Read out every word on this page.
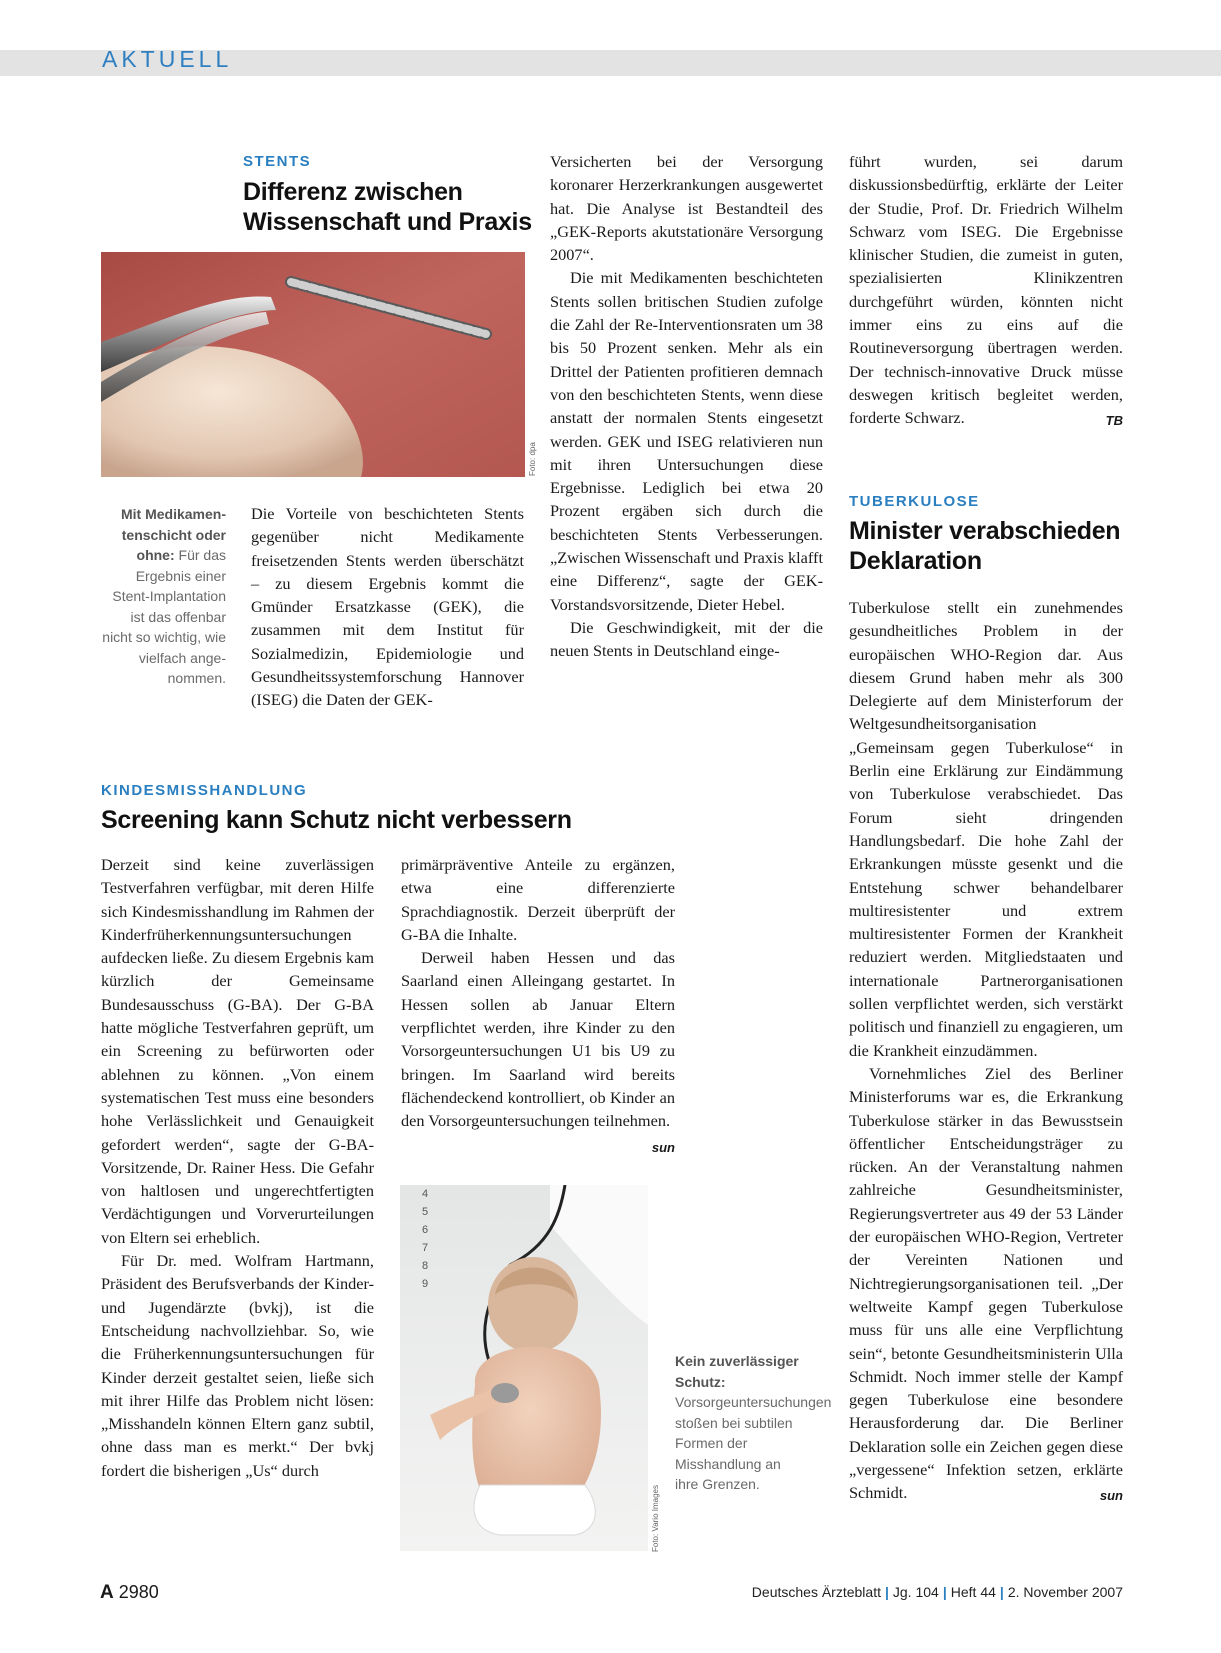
AKTUELL
STENTS
Differenz zwischen
Wissenschaft und Praxis
Foto: dpa
Mit Medikamen-tenschicht oder ohne: Für das Ergebnis einer Stent-Implantation ist das offenbar nicht so wichtig, wie vielfach ange-nommen.

Die Vorteile von beschichteten Stents gegenüber nicht Medikamente freisetzenden Stents werden überschätzt – zu diesem Ergebnis kommt die Gmünder Ersatzkasse (GEK), die zusammen mit dem Institut für Sozialmedizin, Epidemiologie und Gesundheitssystemforschung Hannover (ISEG) die Daten der GEK-

Versicherten bei der Versorgung koronarer Herzerkrankungen ausgewertet hat. Die Analyse ist Bestandteil des „GEK-Reports akutstationäre Versorgung 2007“.

Die mit Medikamenten beschichteten Stents sollen britischen Studien zufolge die Zahl der Re-Interventionsraten um 38 bis 50 Prozent senken. Mehr als ein Drittel der Patienten profitieren demnach von den beschichteten Stents, wenn diese anstatt der normalen Stents eingesetzt werden. GEK und ISEG relativieren nun mit ihren Untersuchungen diese Ergebnisse. Lediglich bei etwa 20 Prozent ergäben sich durch die beschichteten Stents Verbesserungen. „Zwischen Wissenschaft und Praxis klafft eine Differenz“, sagte der GEK-Vorstandsvorsitzende, Dieter Hebel.

Die Geschwindigkeit, mit der die neuen Stents in Deutschland einge-

führt wurden, sei darum diskussionsbedürftig, erklärte der Leiter der Studie, Prof. Dr. Friedrich Wilhelm Schwarz vom ISEG. Die Ergebnisse klinischer Studien, die zumeist in guten, spezialisierten Klinikzentren durchgeführt würden, könnten nicht immer eins zu eins auf die Routineversorgung übertragen werden. Der technisch-innovative Druck müsse deswegen kritisch begleitet werden, forderte Schwarz.	TB

TUBERKULOSE
Minister verabschieden
Deklaration

Tuberkulose stellt ein zunehmendes gesundheitliches Problem in der europäischen WHO-Region dar. Aus diesem Grund haben mehr als 300 Delegierte auf dem Ministerforum der Weltgesundheitsorganisation „Gemeinsam gegen Tuberkulose“ in Berlin eine Erklärung zur Eindämmung von Tuberkulose verabschiedet. Das Forum sieht dringenden Handlungsbedarf. Die hohe Zahl der Erkrankungen müsste gesenkt und die Entstehung schwer behandelbarer multiresistenter und extrem multiresistenter Formen der Krankheit reduziert werden. Mitgliedstaaten und internationale Partnerorganisationen sollen verpflichtet werden, sich verstärkt politisch und finanziell zu engagieren, um die Krankheit einzudämmen.

Vornehmliches Ziel des Berliner Ministerforums war es, die Erkrankung Tuberkulose stärker in das Bewusstsein öffentlicher Entscheidungsträger zu rücken. An der Veranstaltung nahmen zahlreiche Gesundheitsminister, Regierungsvertreter aus 49 der 53 Länder der europäischen WHO-Region, Vertreter der Vereinten Nationen und Nichtregierungsorganisationen teil. „Der weltweite Kampf gegen Tuberkulose muss für uns alle eine Verpflichtung sein“, betonte Gesundheitsministerin Ulla Schmidt. Noch immer stelle der Kampf gegen Tuberkulose eine besondere Herausforderung dar. Die Berliner Deklaration solle ein Zeichen gegen diese „vergessene“ Infektion setzen, erklärte Schmidt.	sun

KINDESMISSHANDLUNG
Screening kann Schutz nicht verbessern

Derzeit sind keine zuverlässigen Testverfahren verfügbar, mit deren Hilfe sich Kindesmisshandlung im Rahmen der Kinderfrüherkennungsuntersuchungen aufdecken ließe. Zu diesem Ergebnis kam kürzlich der Gemeinsame Bundesausschuss (G-BA). Der G-BA hatte mögliche Testverfahren geprüft, um ein Screening zu befürworten oder ablehnen zu können. „Von einem systematischen Test muss eine besonders hohe Verlässlichkeit und Genauigkeit gefordert werden“, sagte der G-BA-Vorsitzende, Dr. Rainer Hess. Die Gefahr von haltlosen und ungerechtfertigten Verdächtigungen und Vorverurteilungen von Eltern sei erheblich.

Für Dr. med. Wolfram Hartmann, Präsident des Berufsverbands der Kinder- und Jugendärzte (bvkj), ist die Entscheidung nachvollziehbar. So, wie die Früherkennungsuntersuchungen für Kinder derzeit gestaltet seien, ließe sich mit ihrer Hilfe das Problem nicht lösen: „Misshandeln können Eltern ganz subtil, ohne dass man es merkt.“ Der bvkj fordert die bisherigen „Us“ durch

primärpräventive Anteile zu ergänzen, etwa eine differenzierte Sprachdiagnostik. Derzeit überprüft der G-BA die Inhalte.

Derweil haben Hessen und das Saarland einen Alleingang gestartet. In Hessen sollen ab Januar Eltern verpflichtet werden, ihre Kinder zu den Vorsorgeuntersuchungen U1 bis U9 zu bringen. Im Saarland wird bereits flächendeckend kontrolliert, ob Kinder an den Vorsorgeuntersuchungen teilnehmen.
sun

4
5
6
7
8
9
Foto: Vario Images
Kein zuverlässiger Schutz:
Vorsorgeuntersuchungen stoßen bei subtilen Formen der Misshandlung an ihre Grenzen.
A 2980	Deutsches Ärzteblatt | Jg. 104 | Heft 44 | 2. November 2007
